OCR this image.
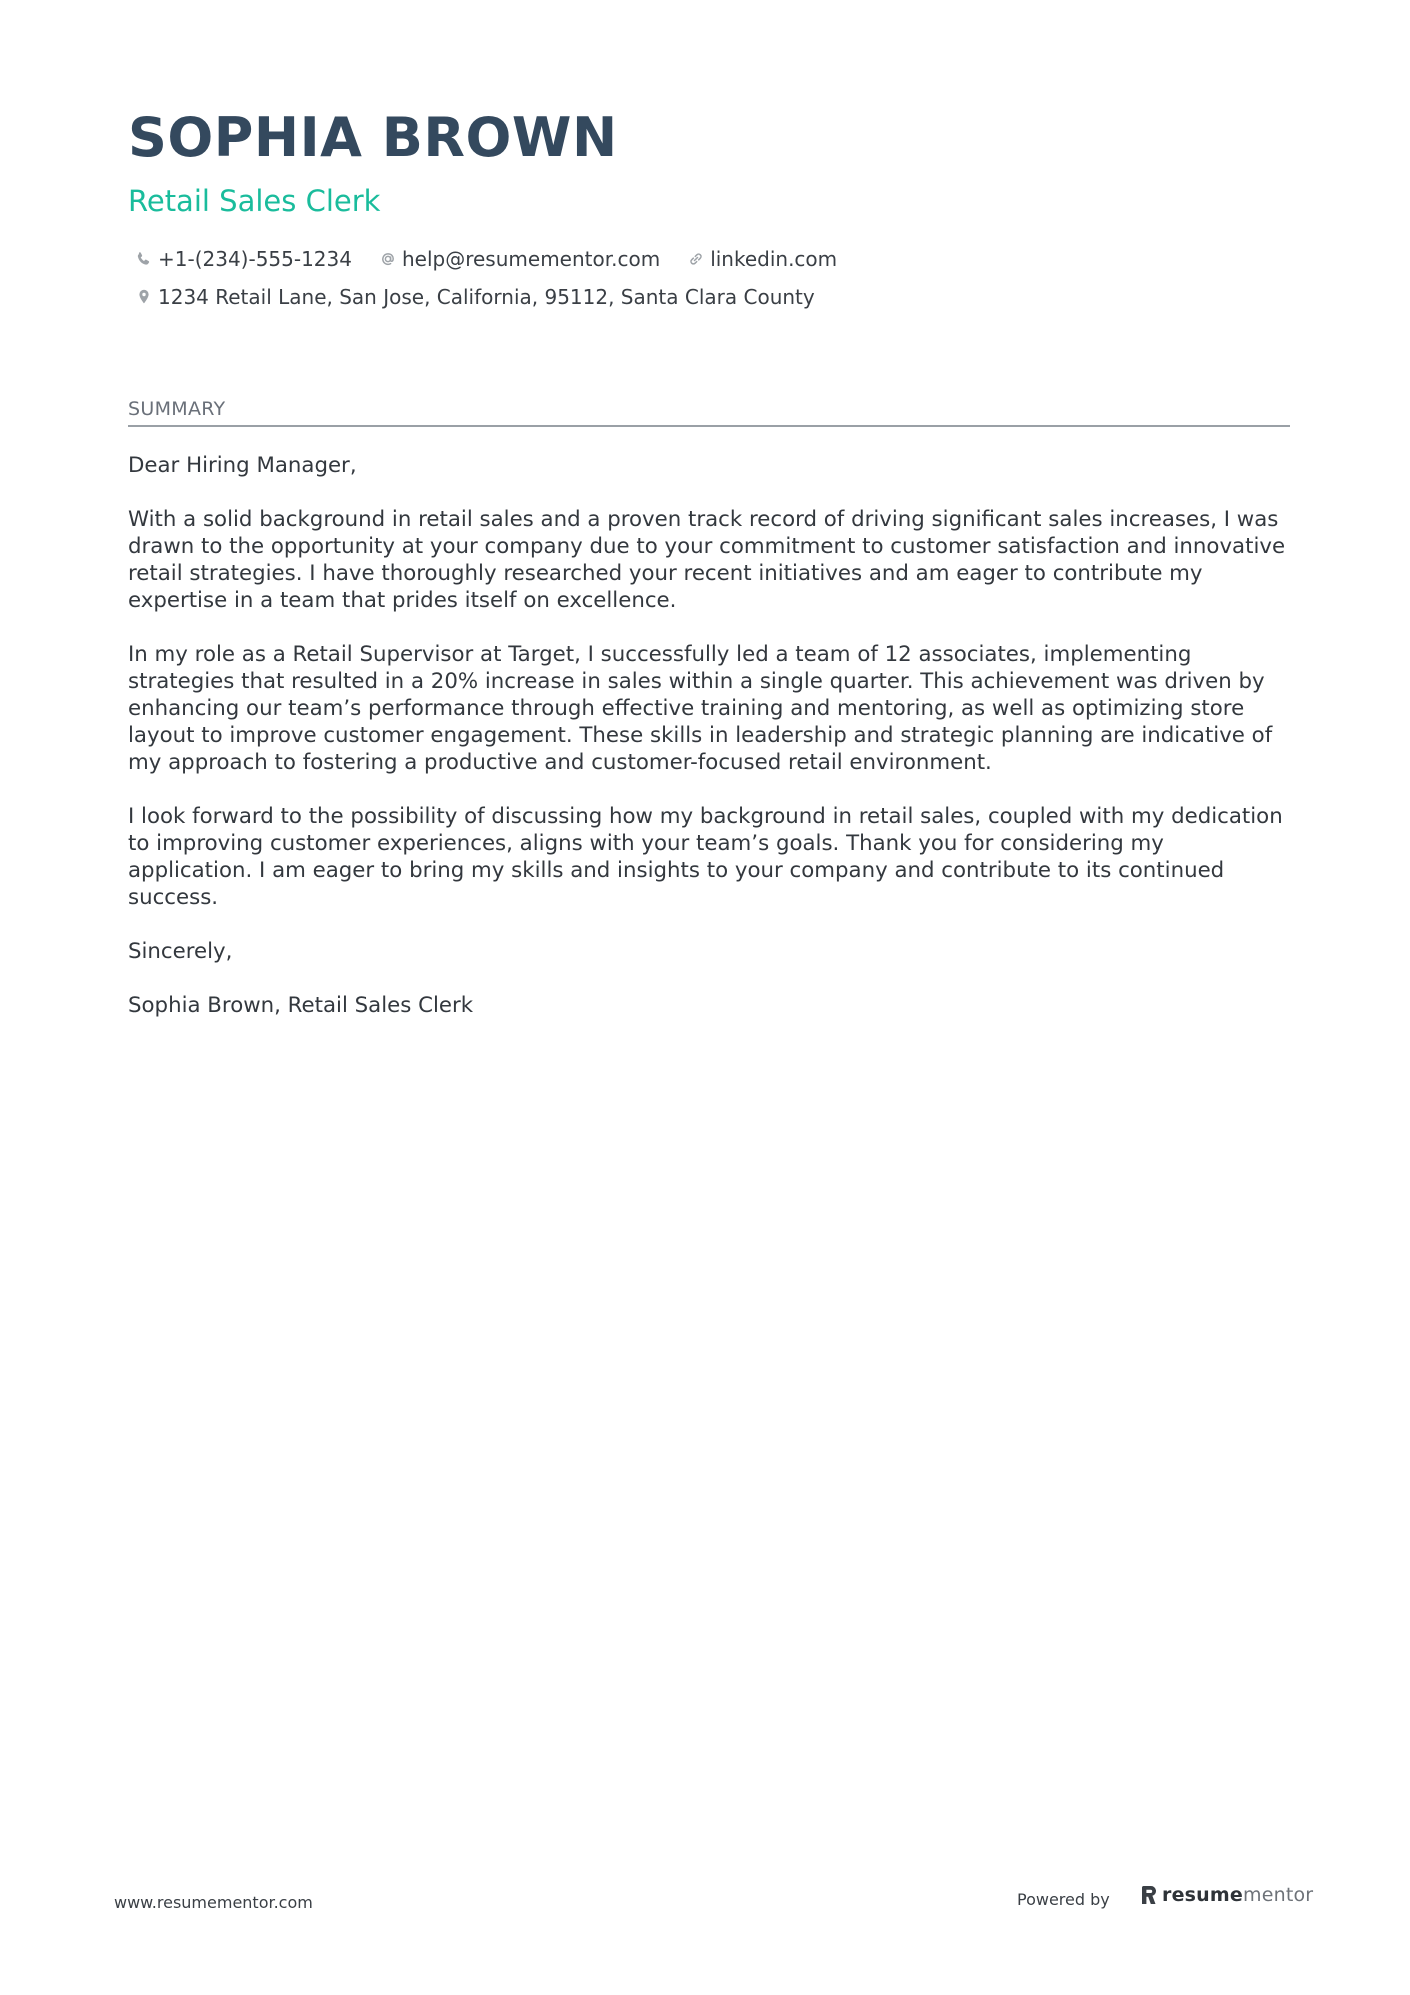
SOPHIA BROWN
Retail Sales Clerk
+1-(234)-555-1234	help@resumementor.com	linkedin.com
1234 Retail Lane, San Jose, California, 95112, Santa Clara County
SUMMARY

Dear Hiring Manager,

With a solid background in retail sales and a proven track record of driving significant sales increases, I was drawn to the opportunity at your company due to your commitment to customer satisfaction and innovative retail strategies. I have thoroughly researched your recent initiatives and am eager to contribute my expertise in a team that prides itself on excellence.

In my role as a Retail Supervisor at Target, I successfully led a team of 12 associates, implementing strategies that resulted in a 20% increase in sales within a single quarter. This achievement was driven by enhancing our team’s performance through effective training and mentoring, as well as optimizing store layout to improve customer engagement. These skills in leadership and strategic planning are indicative of my approach to fostering a productive and customer-focused retail environment.

I look forward to the possibility of discussing how my background in retail sales, coupled with my dedication to improving customer experiences, aligns with your team’s goals. Thank you for considering my application. I am eager to bring my skills and insights to your company and contribute to its continued success.

Sincerely,

Sophia Brown, Retail Sales Clerk

www.resumementor.com	Powered by	resumementor
